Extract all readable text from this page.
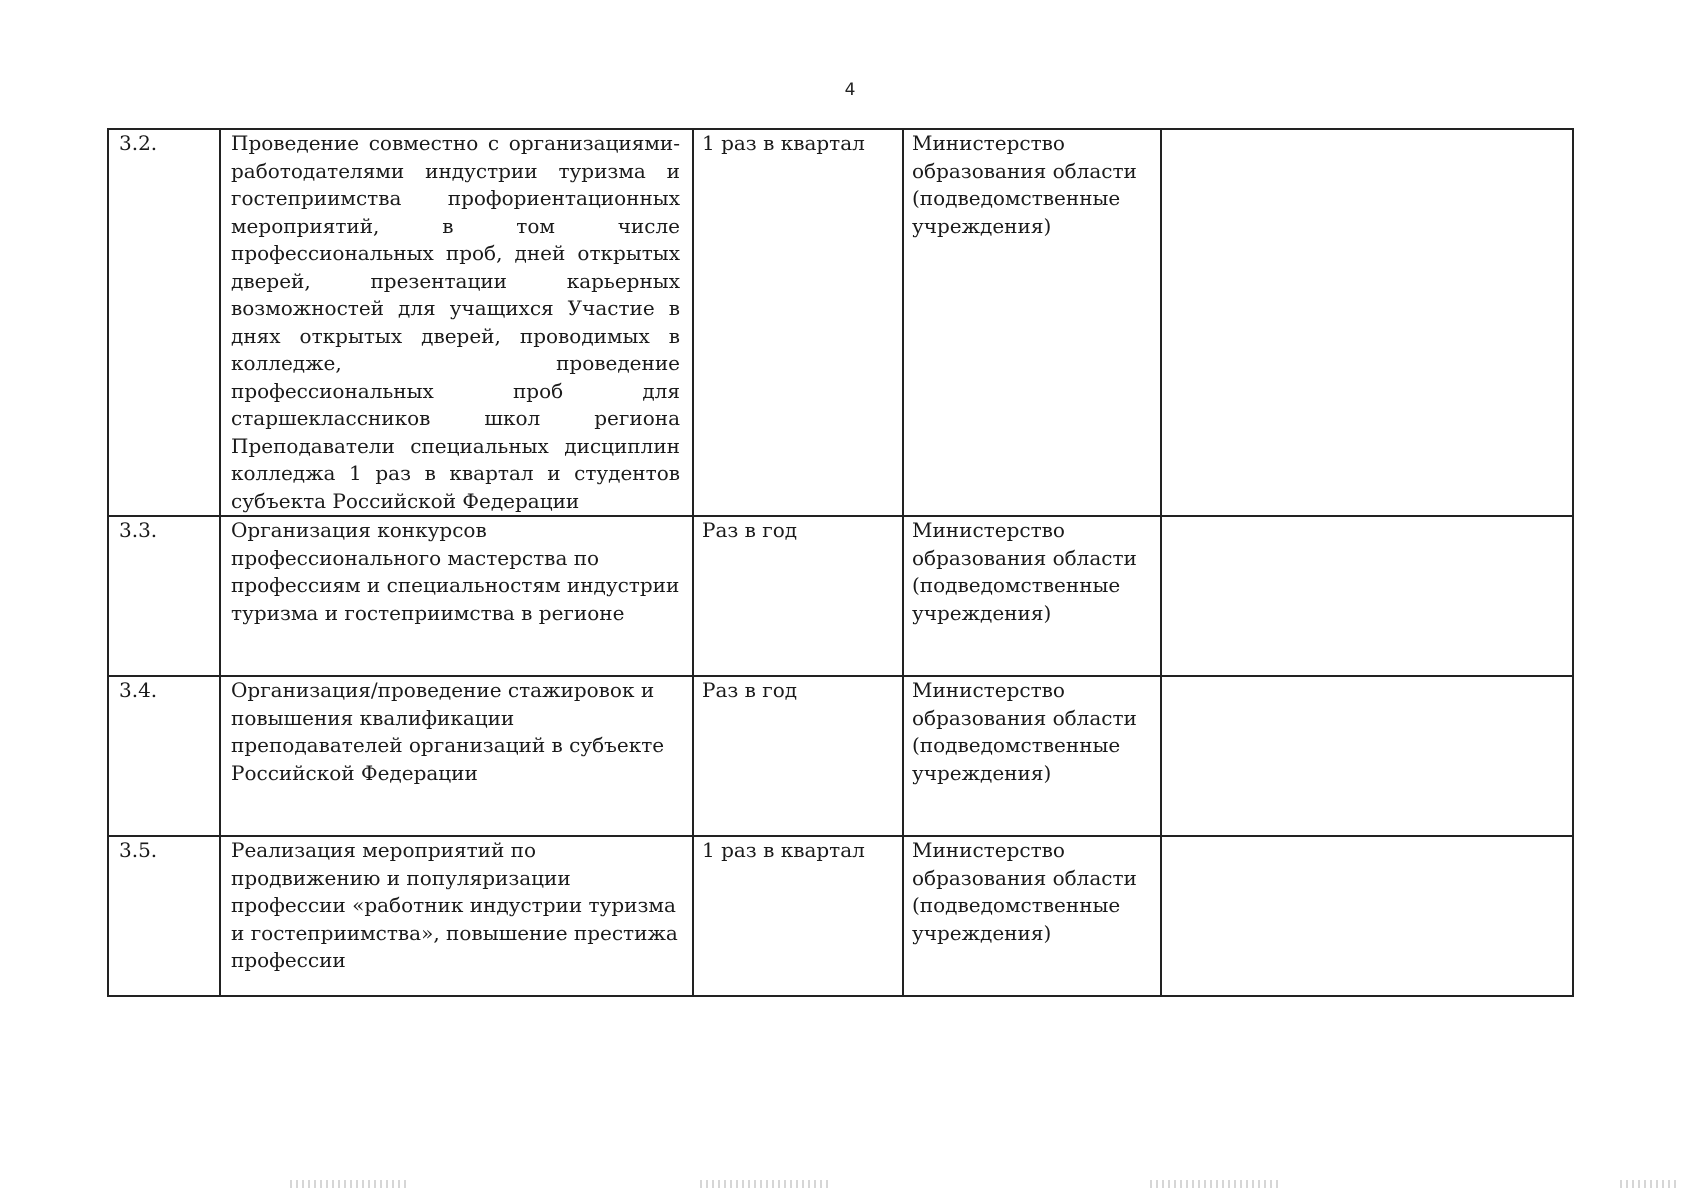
4
3.2.	Проведение совместно с организациями-работодателями индустрии туризма и гостеприимства профориентационных мероприятий, в том числе профессиональных проб, дней открытых дверей, презентации карьерных возможностей для учащихся Участие в днях открытых дверей, проводимых в колледже, проведение профессиональных проб для старшеклассников школ региона Преподаватели специальных дисциплин колледжа 1 раз в квартал и студентов субъекта Российской Федерации	1 раз в квартал	Министерство образования области (подведомственные учреждения)	
3.3.	Организация конкурсов профессионального мастерства по профессиям и специальностям индустрии туризма и гостеприимства в регионе	Раз в год	Министерство образования области (подведомственные учреждения)	
3.4.	Организация/проведение стажировок и повышения квалификации преподавателей организаций в субъекте Российской Федерации	Раз в год	Министерство образования области (подведомственные учреждения)	
3.5.	Реализация мероприятий по продвижению и популяризации профессии «работник индустрии туризма и гостеприимства», повышение престижа профессии	1 раз в квартал	Министерство образования области (подведомственные учреждения)	
